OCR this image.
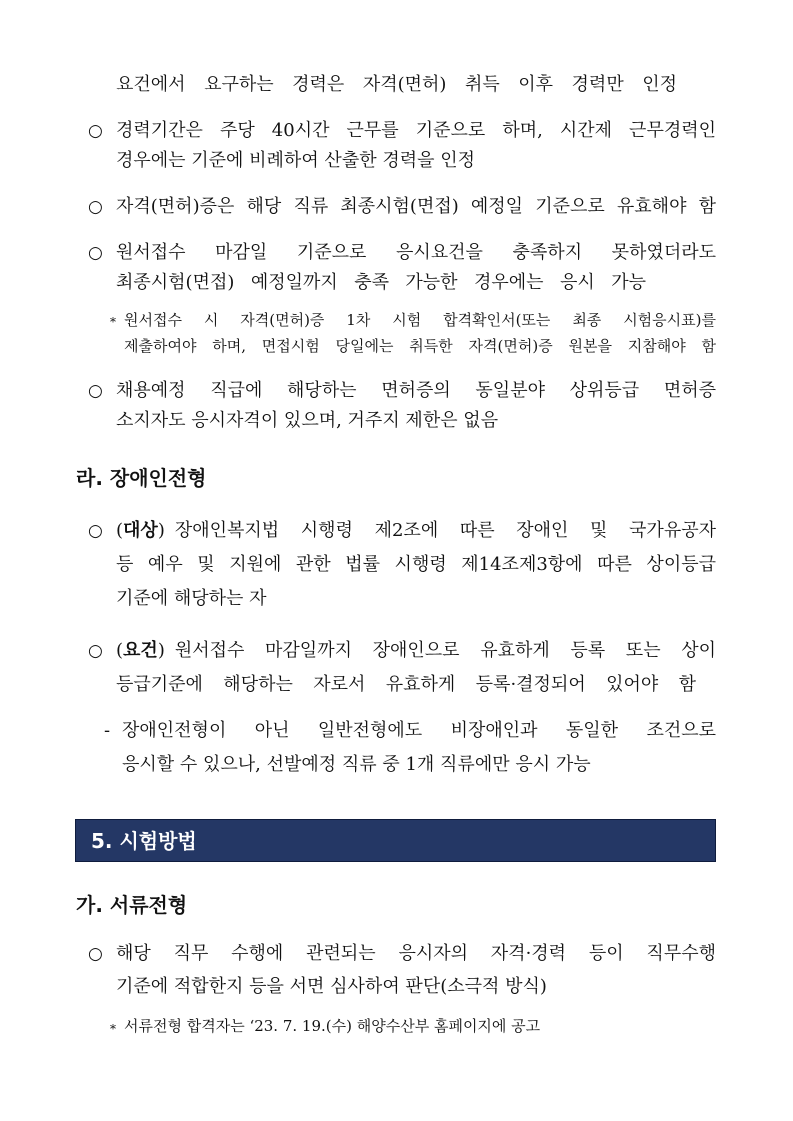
요건에서 요구하는 경력은 자격(면허) 취득 이후 경력만 인정
○ 경력기간은 주당 40시간 근무를 기준으로 하며, 시간제 근무경력인
경우에는 기준에 비례하여 산출한 경력을 인정
○ 자격(면허)증은 해당 직류 최종시험(면접) 예정일 기준으로 유효해야 함
○ 원서접수 마감일 기준으로 응시요건을 충족하지 못하였더라도
최종시험(면접) 예정일까지 충족 가능한 경우에는 응시 가능
* 원서접수 시 자격(면허)증 1차 시험 합격확인서(또는 최종 시험응시표)를
제출하여야 하며, 면접시험 당일에는 취득한 자격(면허)증 원본을 지참해야 함
○ 채용예정 직급에 해당하는 면허증의 동일분야 상위등급 면허증
소지자도 응시자격이 있으며, 거주지 제한은 없음
라. 장애인전형
○ (대상) 장애인복지법 시행령 제2조에 따른 장애인 및 국가유공자
등 예우 및 지원에 관한 법률 시행령 제14조제3항에 따른 상이등급
기준에 해당하는 자
○ (요건) 원서접수 마감일까지 장애인으로 유효하게 등록 또는 상이
등급기준에 해당하는 자로서 유효하게 등록·결정되어 있어야 함
- 장애인전형이 아닌 일반전형에도 비장애인과 동일한 조건으로
응시할 수 있으나, 선발예정 직류 중 1개 직류에만 응시 가능
5. 시험방법
가. 서류전형
○ 해당 직무 수행에 관련되는 응시자의 자격·경력 등이 직무수행
기준에 적합한지 등을 서면 심사하여 판단(소극적 방식)
* 서류전형 합격자는 ‘23. 7. 19.(수) 해양수산부 홈페이지에 공고
